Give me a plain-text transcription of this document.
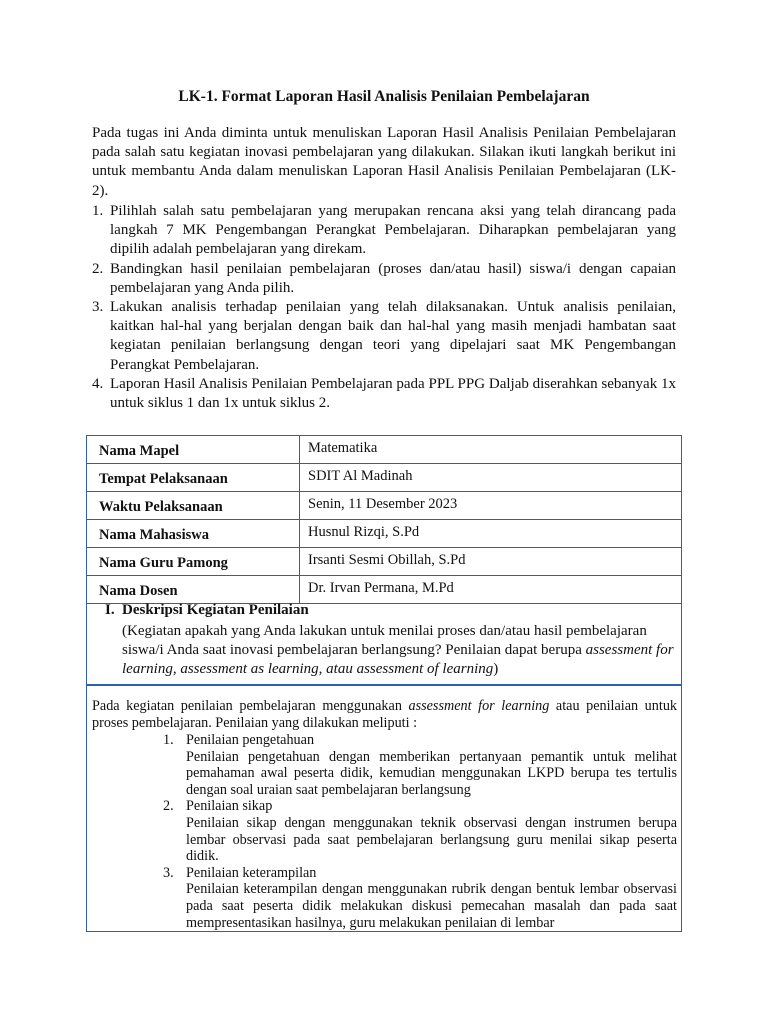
LK-1. Format Laporan Hasil Analisis Penilaian Pembelajaran

Pada tugas ini Anda diminta untuk menuliskan Laporan Hasil Analisis Penilaian Pembelajaran pada salah satu kegiatan inovasi pembelajaran yang dilakukan. Silakan ikuti langkah berikut ini untuk membantu Anda dalam menuliskan Laporan Hasil Analisis Penilaian Pembelajaran (LK-2).

1. Pilihlah salah satu pembelajaran yang merupakan rencana aksi yang telah dirancang pada langkah 7 MK Pengembangan Perangkat Pembelajaran. Diharapkan pembelajaran yang dipilih adalah pembelajaran yang direkam.
2. Bandingkan hasil penilaian pembelajaran (proses dan/atau hasil) siswa/i dengan capaian pembelajaran yang Anda pilih.
3. Lakukan analisis terhadap penilaian yang telah dilaksanakan. Untuk analisis penilaian, kaitkan hal-hal yang berjalan dengan baik dan hal-hal yang masih menjadi hambatan saat kegiatan penilaian berlangsung dengan teori yang dipelajari saat MK Pengembangan Perangkat Pembelajaran.
4. Laporan Hasil Analisis Penilaian Pembelajaran pada PPL PPG Daljab diserahkan sebanyak 1x untuk siklus 1 dan 1x untuk siklus 2.
Nama Mapel	Matematika
Tempat Pelaksanaan	SDIT Al Madinah
Waktu Pelaksanaan	Senin, 11 Desember 2023
Nama Mahasiswa	Husnul Rizqi, S.Pd
Nama Guru Pamong	Irsanti Sesmi Obillah, S.Pd
Nama Dosen	Dr. Irvan Permana, M.Pd
I. Deskripsi Kegiatan Penilaian

(Kegiatan apakah yang Anda lakukan untuk menilai proses dan/atau hasil pembelajaran siswa/i Anda saat inovasi pembelajaran berlangsung? Penilaian dapat berupa assessment for learning, assessment as learning, atau assessment of learning)

Pada kegiatan penilaian pembelajaran menggunakan assessment for learning atau penilaian untuk proses pembelajaran. Penilaian yang dilakukan meliputi :

1. Penilaian pengetahuan
Penilaian pengetahuan dengan memberikan pertanyaan pemantik untuk melihat pemahaman awal peserta didik, kemudian menggunakan LKPD berupa tes tertulis dengan soal uraian saat pembelajaran berlangsung
2. Penilaian sikap
Penilaian sikap dengan menggunakan teknik observasi dengan instrumen berupa lembar observasi pada saat pembelajaran berlangsung guru menilai sikap peserta didik.
3. Penilaian keterampilan
Penilaian keterampilan dengan menggunakan rubrik dengan bentuk lembar observasi pada saat peserta didik melakukan diskusi pemecahan masalah dan pada saat mempresentasikan hasilnya, guru melakukan penilaian di lembar
